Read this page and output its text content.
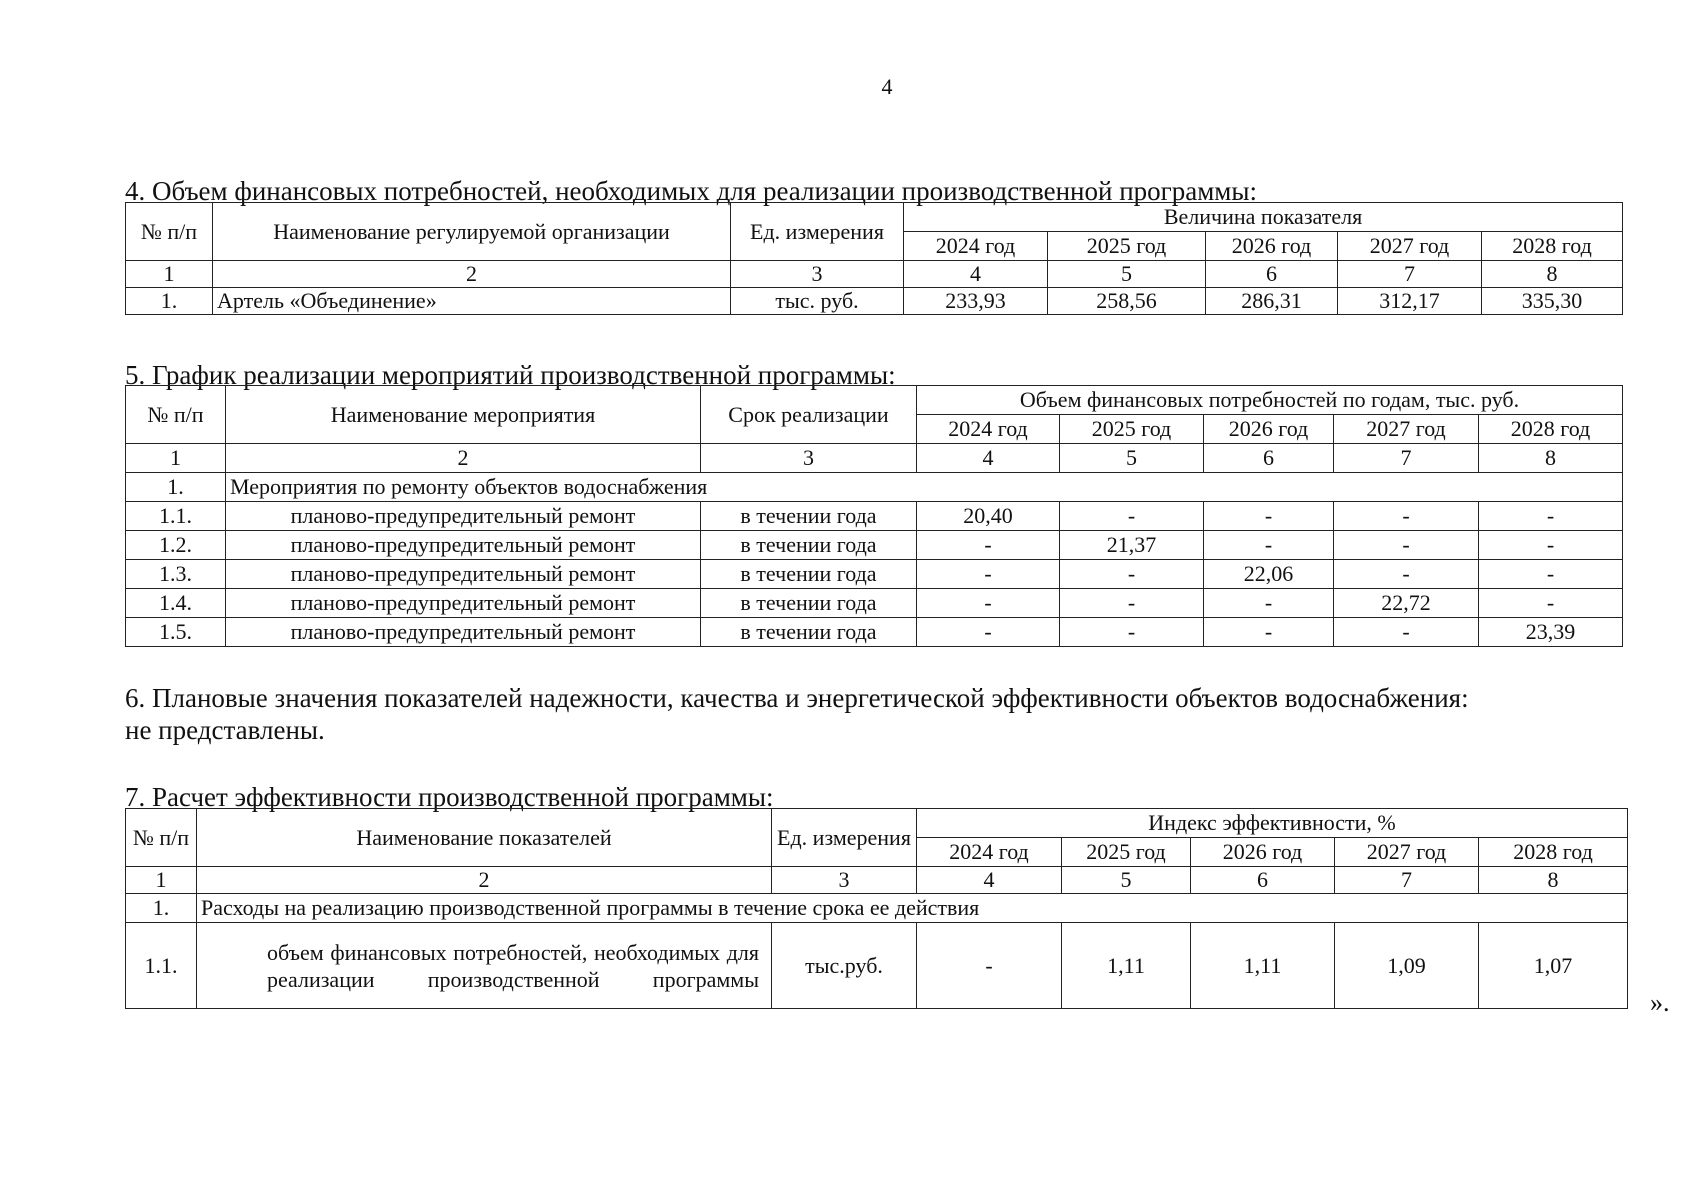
4
4. Объем финансовых потребностей, необходимых для реализации производственной программы:
№ п/п	Наименование регулируемой организации	Ед. измерения	Величина показателя				
			2024 год	2025 год	2026 год	2027 год	2028 год
1	2	3	4	5	6	7	8
1.	Артель «Объединение»	тыс. руб.	233,93	258,56	286,31	312,17	335,30
5. График реализации мероприятий производственной программы:
№ п/п	Наименование мероприятия	Срок реализации	Объем финансовых потребностей по годам, тыс. руб.				
			2024 год	2025 год	2026 год	2027 год	2028 год
1	2	3	4	5	6	7	8
1.	Мероприятия по ремонту объектов водоснабжения						
1.1.	планово-предупредительный ремонт	в течении года	20,40	-	-	-	-
1.2.	планово-предупредительный ремонт	в течении года	-	21,37	-	-	-
1.3.	планово-предупредительный ремонт	в течении года	-	-	22,06	-	-
1.4.	планово-предупредительный ремонт	в течении года	-	-	-	22,72	-
1.5.	планово-предупредительный ремонт	в течении года	-	-	-	-	23,39
6. Плановые значения показателей надежности, качества и энергетической эффективности объектов водоснабжения:
не представлены.
7. Расчет эффективности производственной программы:
№ п/п	Наименование показателей	Ед. измерения	Индекс эффективности, %				
			2024 год	2025 год	2026 год	2027 год	2028 год
1	2	3	4	5	6	7	8
1.	Расходы на реализацию производственной программы в течение срока ее действия						
1.1.	объем финансовых потребностей, необходимых для реализации производственной программы	тыс.руб.	-	1,11	1,11	1,09	1,07
».
